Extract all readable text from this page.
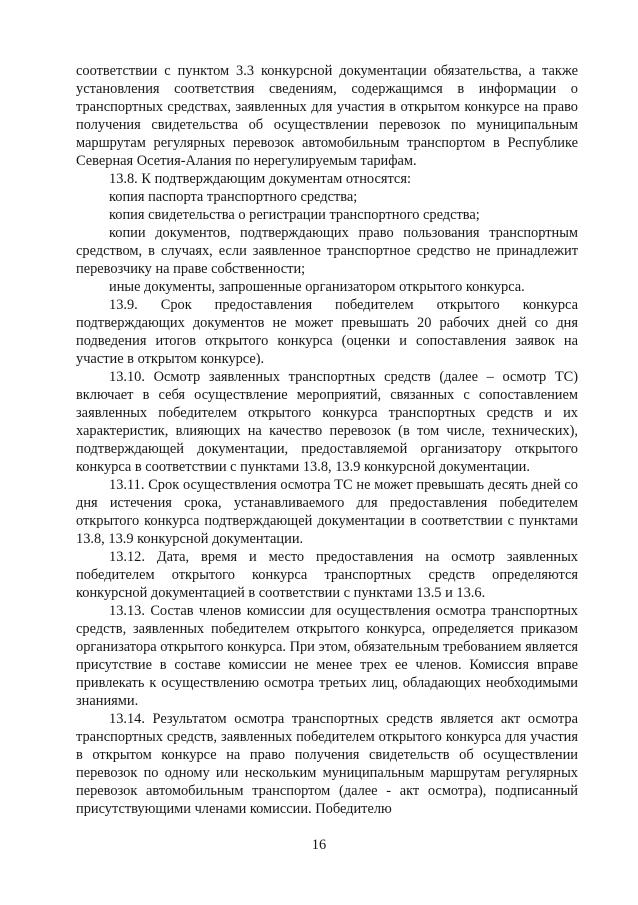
соответствии с пунктом 3.3 конкурсной документации обязательства, а также установления соответствия сведениям, содержащимся в информации о транспортных средствах, заявленных для участия в открытом конкурсе на право получения свидетельства об осуществлении перевозок по муниципальным маршрутам регулярных перевозок автомобильным транспортом в Республике Северная Осетия-Алания по нерегулируемым тарифам.

13.8. К подтверждающим документам относятся:

копия паспорта транспортного средства;

копия свидетельства о регистрации транспортного средства;

копии документов, подтверждающих право пользования транспортным средством, в случаях, если заявленное транспортное средство не принадлежит перевозчику на праве собственности;

иные документы, запрошенные организатором открытого конкурса.

13.9. Срок предоставления победителем открытого конкурса подтверждающих документов не может превышать 20 рабочих дней со дня подведения итогов открытого конкурса (оценки и сопоставления заявок на участие в открытом конкурсе).

13.10. Осмотр заявленных транспортных средств (далее – осмотр ТС) включает в себя осуществление мероприятий, связанных с сопоставлением заявленных победителем открытого конкурса транспортных средств и их характеристик, влияющих на качество перевозок (в том числе, технических), подтверждающей документации, предоставляемой организатору открытого конкурса в соответствии с пунктами 13.8, 13.9 конкурсной документации.

13.11. Срок осуществления осмотра ТС не может превышать десять дней со дня истечения срока, устанавливаемого для предоставления победителем открытого конкурса подтверждающей документации в соответствии с пунктами 13.8, 13.9 конкурсной документации.

13.12. Дата, время и место предоставления на осмотр заявленных победителем открытого конкурса транспортных средств определяются конкурсной документацией в соответствии с пунктами 13.5 и 13.6.

13.13. Состав членов комиссии для осуществления осмотра транспортных средств, заявленных победителем открытого конкурса, определяется приказом организатора открытого конкурса. При этом, обязательным требованием является присутствие в составе комиссии не менее трех ее членов. Комиссия вправе привлекать к осуществлению осмотра третьих лиц, обладающих необходимыми знаниями.

13.14. Результатом осмотра транспортных средств является акт осмотра транспортных средств, заявленных победителем открытого конкурса для участия в открытом конкурсе на право получения свидетельств об осуществлении перевозок по одному или нескольким муниципальным маршрутам регулярных перевозок автомобильным транспортом (далее - акт осмотра), подписанный присутствующими членами комиссии. Победителю

16
